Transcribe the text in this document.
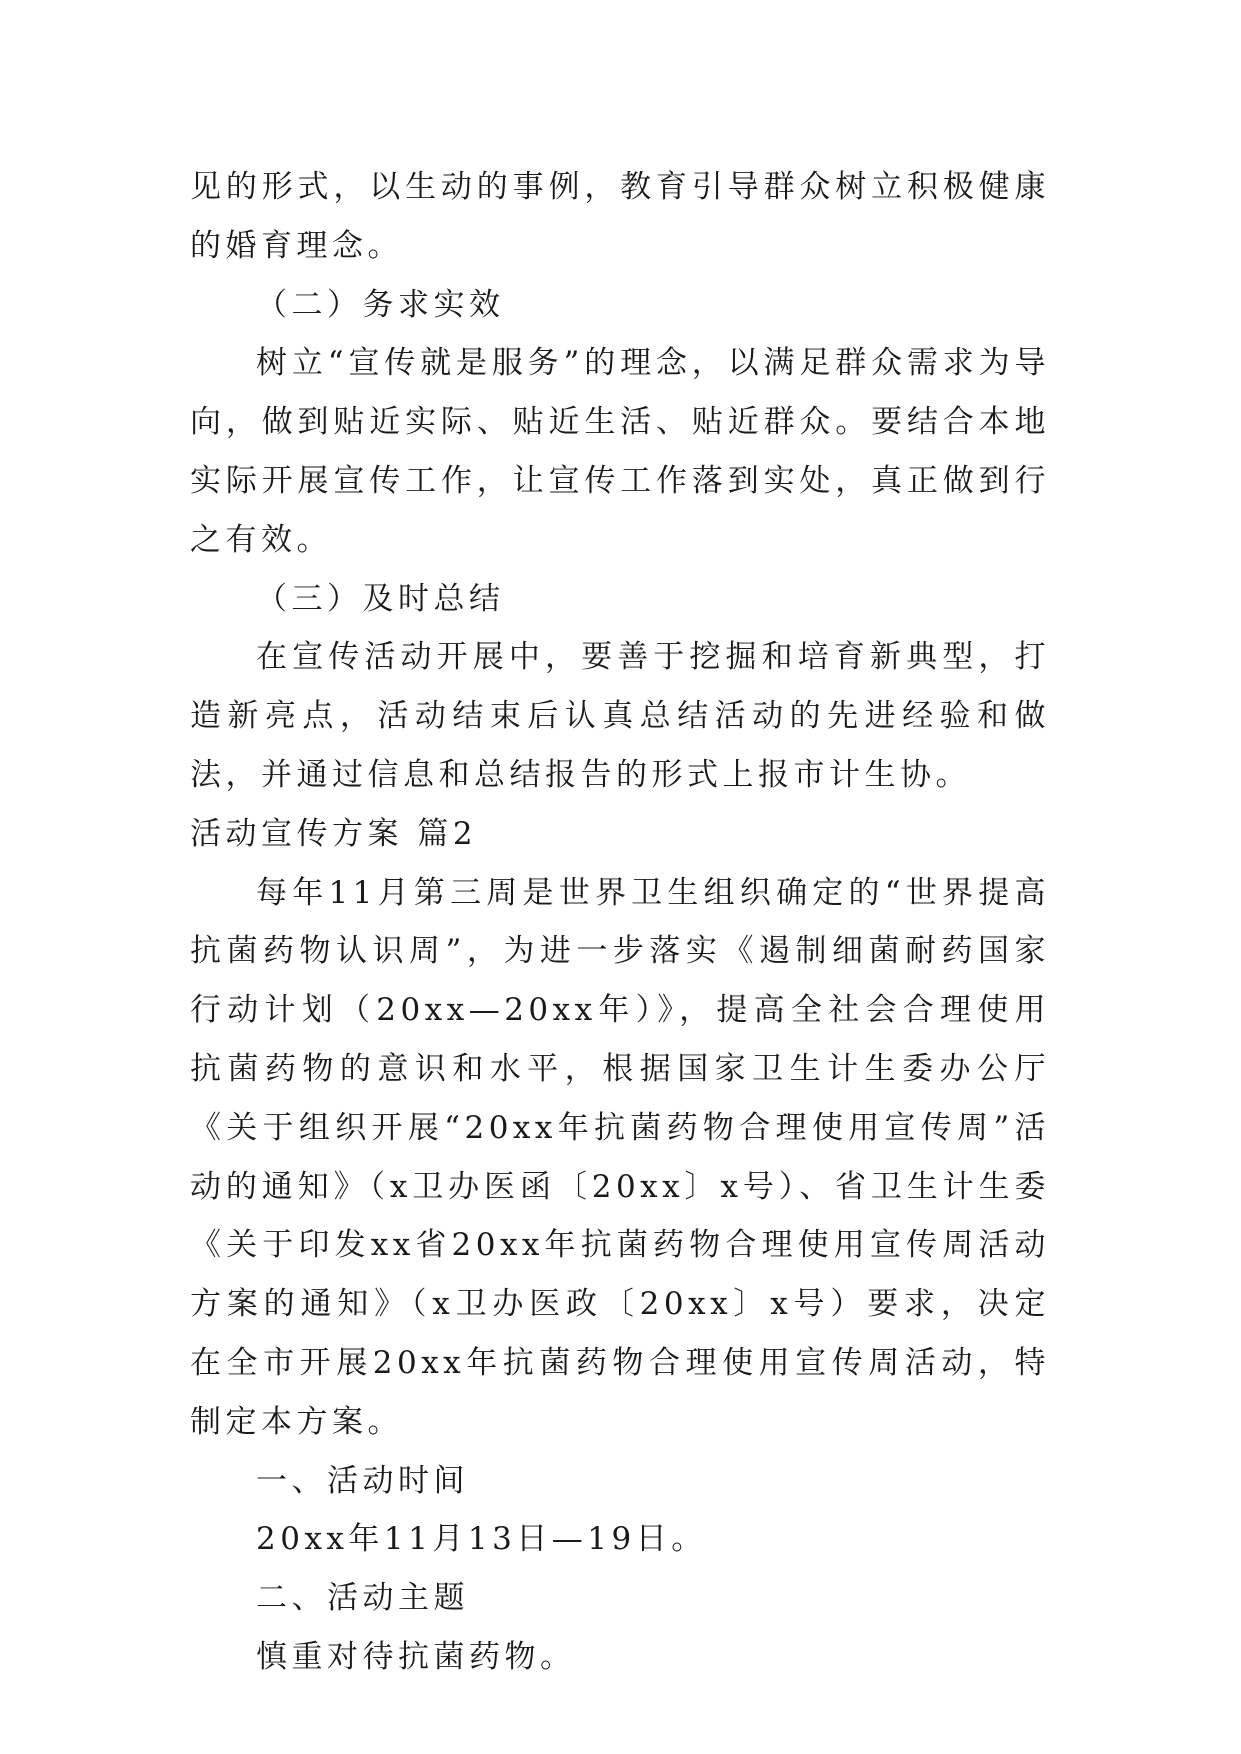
见的形式，以生动的事例，教育引导群众树立积极健康的婚育理念。

（二）务求实效

树立“宣传就是服务”的理念，以满足群众需求为导向，做到贴近实际、贴近生活、贴近群众。要结合本地实际开展宣传工作，让宣传工作落到实处，真正做到行之有效。

（三）及时总结

在宣传活动开展中，要善于挖掘和培育新典型，打造新亮点，活动结束后认真总结活动的先进经验和做法，并通过信息和总结报告的形式上报市计生协。

活动宣传方案 篇2

每年11月第三周是世界卫生组织确定的“世界提高抗菌药物认识周”，为进一步落实《遏制细菌耐药国家行动计划（20xx—20xx年）》，提高全社会合理使用抗菌药物的意识和水平，根据国家卫生计生委办公厅《关于组织开展“20xx年抗菌药物合理使用宣传周”活动的通知》（x卫办医函〔20xx〕x号）、省卫生计生委《关于印发xx省20xx年抗菌药物合理使用宣传周活动方案的通知》（x卫办医政〔20xx〕x号）要求，决定在全市开展20xx年抗菌药物合理使用宣传周活动，特制定本方案。

一、活动时间

20xx年11月13日—19日。

二、活动主题

慎重对待抗菌药物。
